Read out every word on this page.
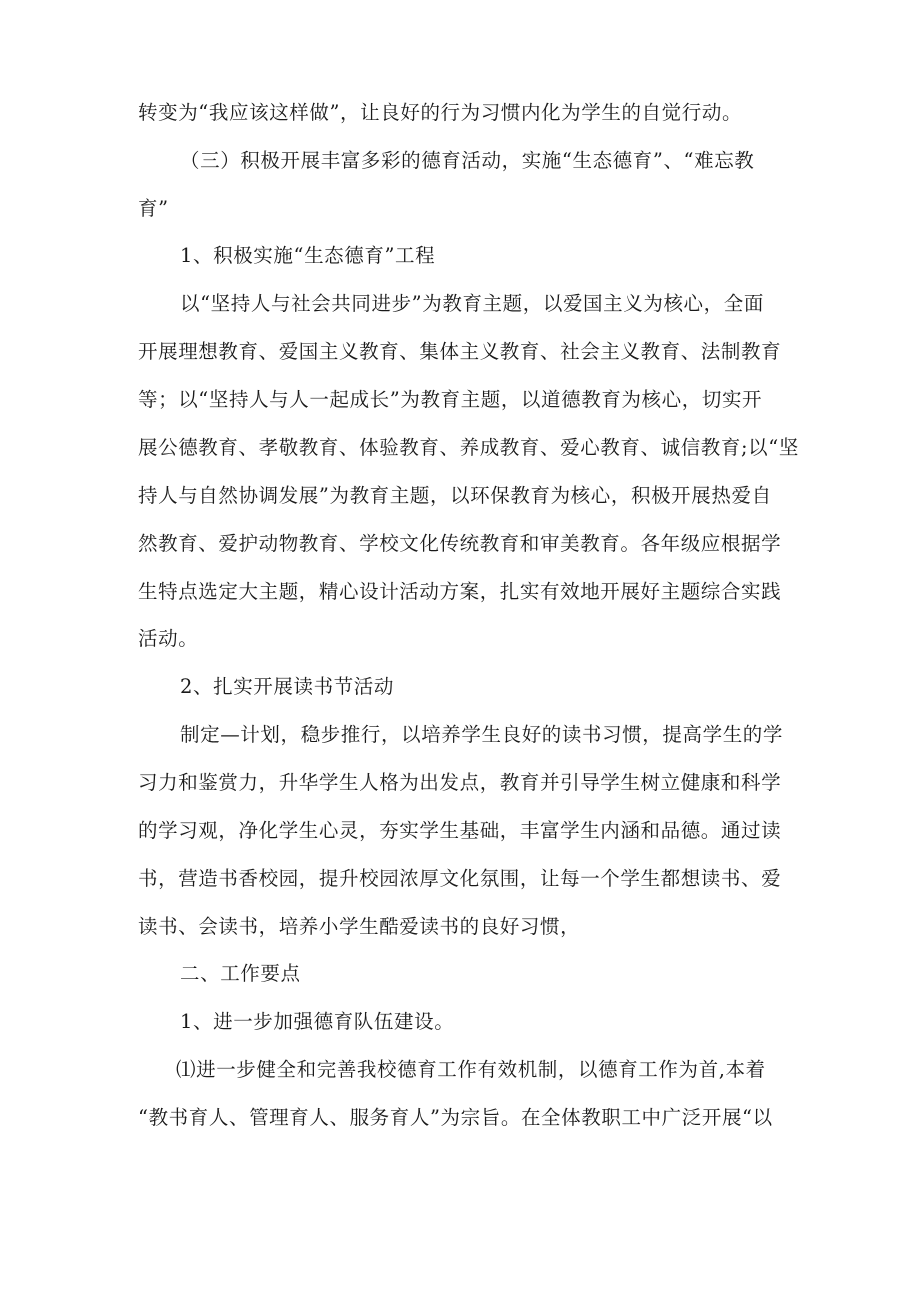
转变为“我应该这样做”，让良好的行为习惯内化为学生的自觉行动。
（三）积极开展丰富多彩的德育活动，实施“生态德育”、“难忘教
育”
1、积极实施“生态德育”工程
以“坚持人与社会共同进步”为教育主题，以爱国主义为核心，全面
开展理想教育、爱国主义教育、集体主义教育、社会主义教育、法制教育
等；以“坚持人与人一起成长”为教育主题，以道德教育为核心，切实开
展公德教育、孝敬教育、体验教育、养成教育、爱心教育、诚信教育;以“坚
持人与自然协调发展”为教育主题，以环保教育为核心，积极开展热爱自
然教育、爱护动物教育、学校文化传统教育和审美教育。各年级应根据学
生特点选定大主题，精心设计活动方案，扎实有效地开展好主题综合实践
活动。
2、扎实开展读书节活动
制定—计划，稳步推行，以培养学生良好的读书习惯，提高学生的学
习力和鉴赏力，升华学生人格为出发点，教育并引导学生树立健康和科学
的学习观，净化学生心灵，夯实学生基础，丰富学生内涵和品德。通过读
书，营造书香校园，提升校园浓厚文化氛围，让每一个学生都想读书、爱
读书、会读书，培养小学生酷爱读书的良好习惯，
二、工作要点
1、进一步加强德育队伍建设。
⑴进一步健全和完善我校德育工作有效机制，以德育工作为首,本着
“教书育人、管理育人、服务育人”为宗旨。在全体教职工中广泛开展“以
